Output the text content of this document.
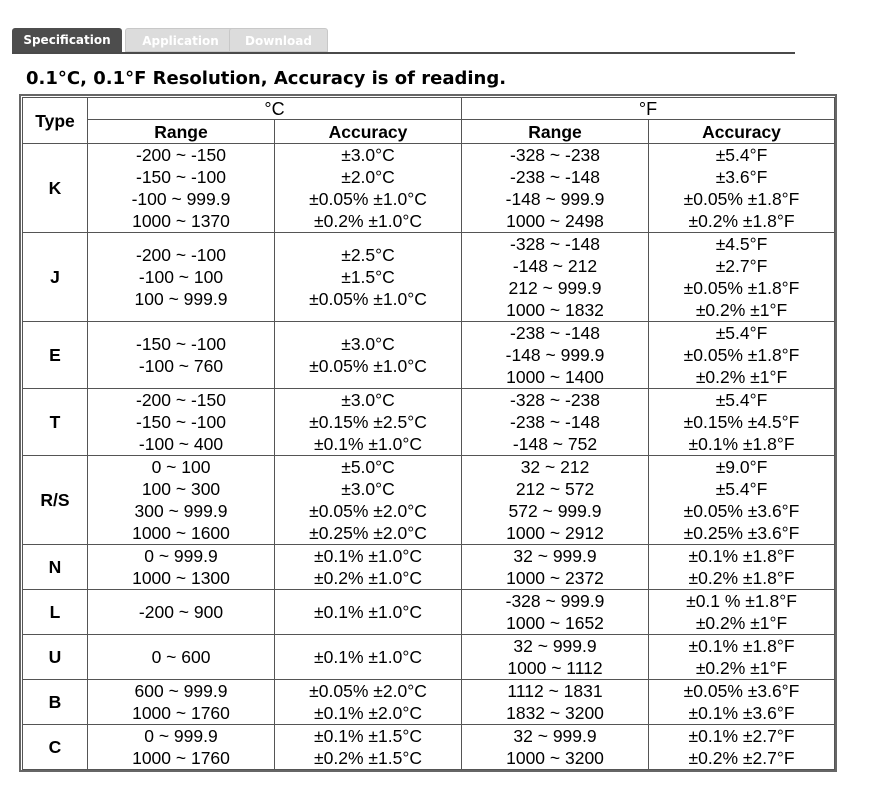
Specification	Application	Download
0.1°C, 0.1°F Resolution, Accuracy is of reading.
Type	°C		°F	
	Range	Accuracy	Range	Accuracy
K	-200 ~ -150
-150 ~ -100
-100 ~ 999.9
1000 ~ 1370	±3.0°C
±2.0°C
±0.05% ±1.0°C
±0.2% ±1.0°C	-328 ~ -238
-238 ~ -148
-148 ~ 999.9
1000 ~ 2498	±5.4°F
±3.6°F
±0.05% ±1.8°F
±0.2% ±1.8°F

J	-200 ~ -100
-100 ~ 100
100 ~ 999.9	±2.5°C
±1.5°C
±0.05% ±1.0°C	-328 ~ -148
-148 ~ 212
212 ~ 999.9
1000 ~ 1832	±4.5°F
±2.7°F
±0.05% ±1.8°F
±0.2% ±1°F

E	-150 ~ -100
-100 ~ 760	±3.0°C
±0.05% ±1.0°C	-238 ~ -148
-148 ~ 999.9
1000 ~ 1400	±5.4°F
±0.05% ±1.8°F
±0.2% ±1°F

T	-200 ~ -150
-150 ~ -100
-100 ~ 400	±3.0°C
±0.15% ±2.5°C
±0.1% ±1.0°C	-328 ~ -238
-238 ~ -148
-148 ~ 752	±5.4°F
±0.15% ±4.5°F
±0.1% ±1.8°F

R/S	0 ~ 100
100 ~ 300
300 ~ 999.9
1000 ~ 1600	±5.0°C
±3.0°C
±0.05% ±2.0°C
±0.25% ±2.0°C	32 ~ 212
212 ~ 572
572 ~ 999.9
1000 ~ 2912	±9.0°F
±5.4°F
±0.05% ±3.6°F
±0.25% ±3.6°F

N	0 ~ 999.9
1000 ~ 1300	±0.1% ±1.0°C
±0.2% ±1.0°C	32 ~ 999.9
1000 ~ 2372	±0.1% ±1.8°F
±0.2% ±1.8°F

L	-200 ~ 900	±0.1% ±1.0°C	-328 ~ 999.9
1000 ~ 1652	±0.1 % ±1.8°F
±0.2% ±1°F

U	0 ~ 600	±0.1% ±1.0°C	32 ~ 999.9
1000 ~ 1112	±0.1% ±1.8°F
±0.2% ±1°F

B	600 ~ 999.9
1000 ~ 1760	±0.05% ±2.0°C
±0.1% ±2.0°C	1112 ~ 1831
1832 ~ 3200	±0.05% ±3.6°F
±0.1% ±3.6°F

C	0 ~ 999.9
1000 ~ 1760	±0.1% ±1.5°C
±0.2% ±1.5°C	32 ~ 999.9
1000 ~ 3200	±0.1% ±2.7°F
±0.2% ±2.7°F
